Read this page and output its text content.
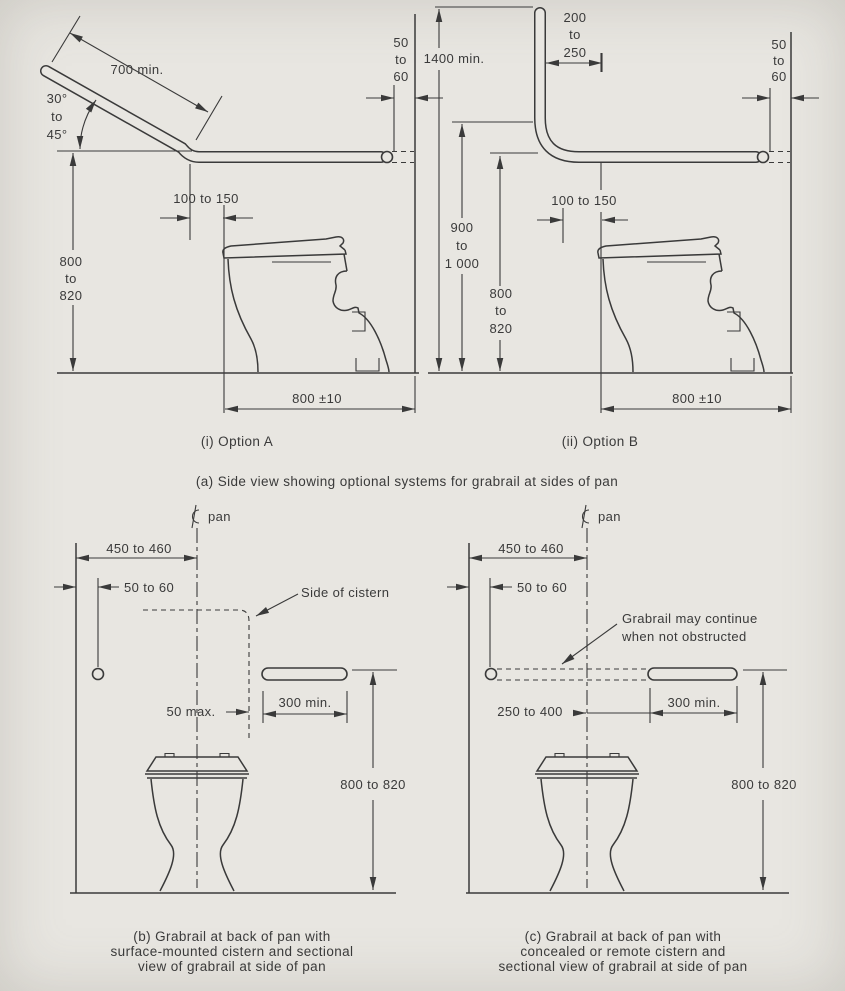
700 min.
30°
to
45°
100 to 150
800
to
820
50
to
60
800 ±10
(i) Option A
1400 min.
200
to
250
100 to 150
900
to
1 000
800
to
820
50
to
60
800 ±10
(ii) Option B
(a) Side view showing optional systems for grabrail at sides of pan
pan
450 to 460
50 to 60	Side of cistern
50 max.
300 min.
800 to 820
(b) Grabrail at back of pan with
surface-mounted cistern and sectional
view of grabrail at side of pan
pan
450 to 460
50 to 60
Grabrail may continue
when not obstructed
250 to 400
300 min.
800 to 820
(c) Grabrail at back of pan with
concealed or remote cistern and
sectional view of grabrail at side of pan
